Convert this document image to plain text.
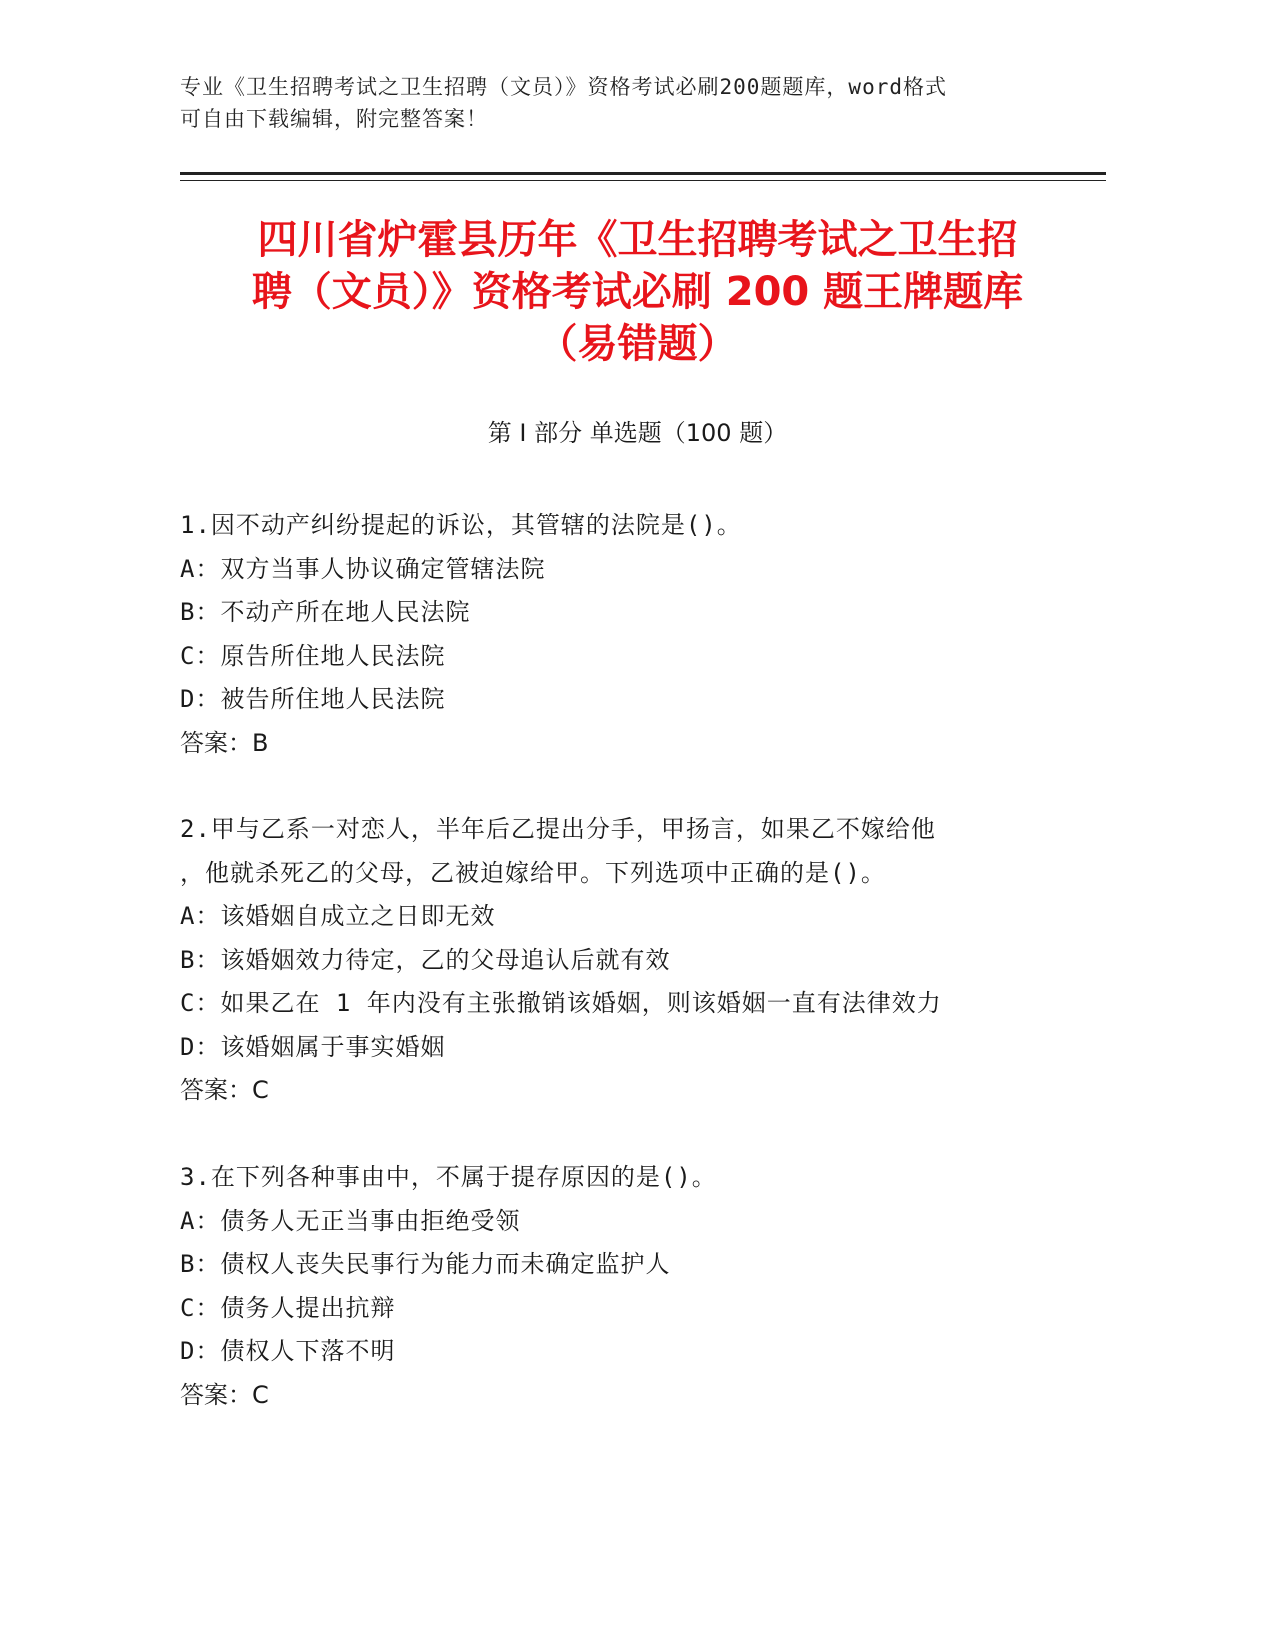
专业《卫生招聘考试之卫生招聘（文员）》资格考试必刷200题题库，word格式
可自由下载编辑，附完整答案！
四川省炉霍县历年《卫生招聘考试之卫生招
聘（文员）》资格考试必刷 200 题王牌题库
（易错题）
第 I 部分 单选题（100 题）
1.因不动产纠纷提起的诉讼，其管辖的法院是()。
A：双方当事人协议确定管辖法院
B：不动产所在地人民法院
C：原告所住地人民法院
D：被告所住地人民法院
答案：B
2.甲与乙系一对恋人，半年后乙提出分手，甲扬言，如果乙不嫁给他
，他就杀死乙的父母，乙被迫嫁给甲。下列选项中正确的是()。
A：该婚姻自成立之日即无效
B：该婚姻效力待定，乙的父母追认后就有效
C：如果乙在 1 年内没有主张撤销该婚姻，则该婚姻一直有法律效力
D：该婚姻属于事实婚姻
答案：C
3.在下列各种事由中，不属于提存原因的是()。
A：债务人无正当事由拒绝受领
B：债权人丧失民事行为能力而未确定监护人
C：债务人提出抗辩
D：债权人下落不明
答案：C
